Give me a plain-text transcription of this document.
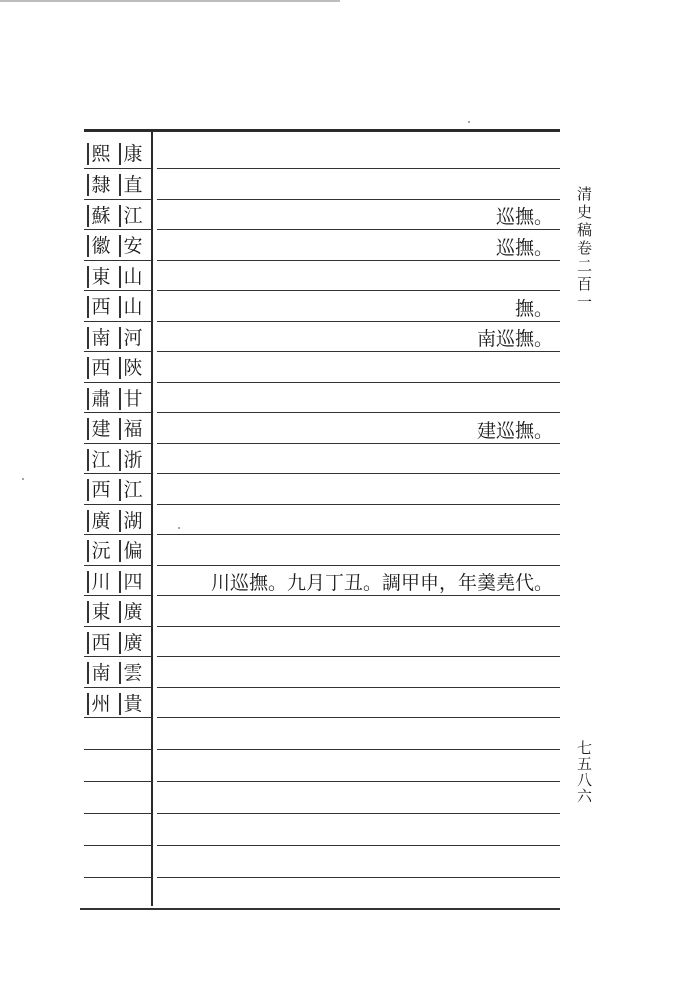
熙 康
隸 直
蘇 江	巡撫。
徽 安	巡撫。
東 山
西 山	撫。
南 河	南巡撫。
西 陝
肅 甘
建 福	建巡撫。
江 浙
西 江
廣 湖
沅 偏
川 四	川巡撫。九月丁丑。調甲申，年羹堯代。
東 廣
西 廣
南 雲
州 貴
清史稿卷二百一
七五八六
